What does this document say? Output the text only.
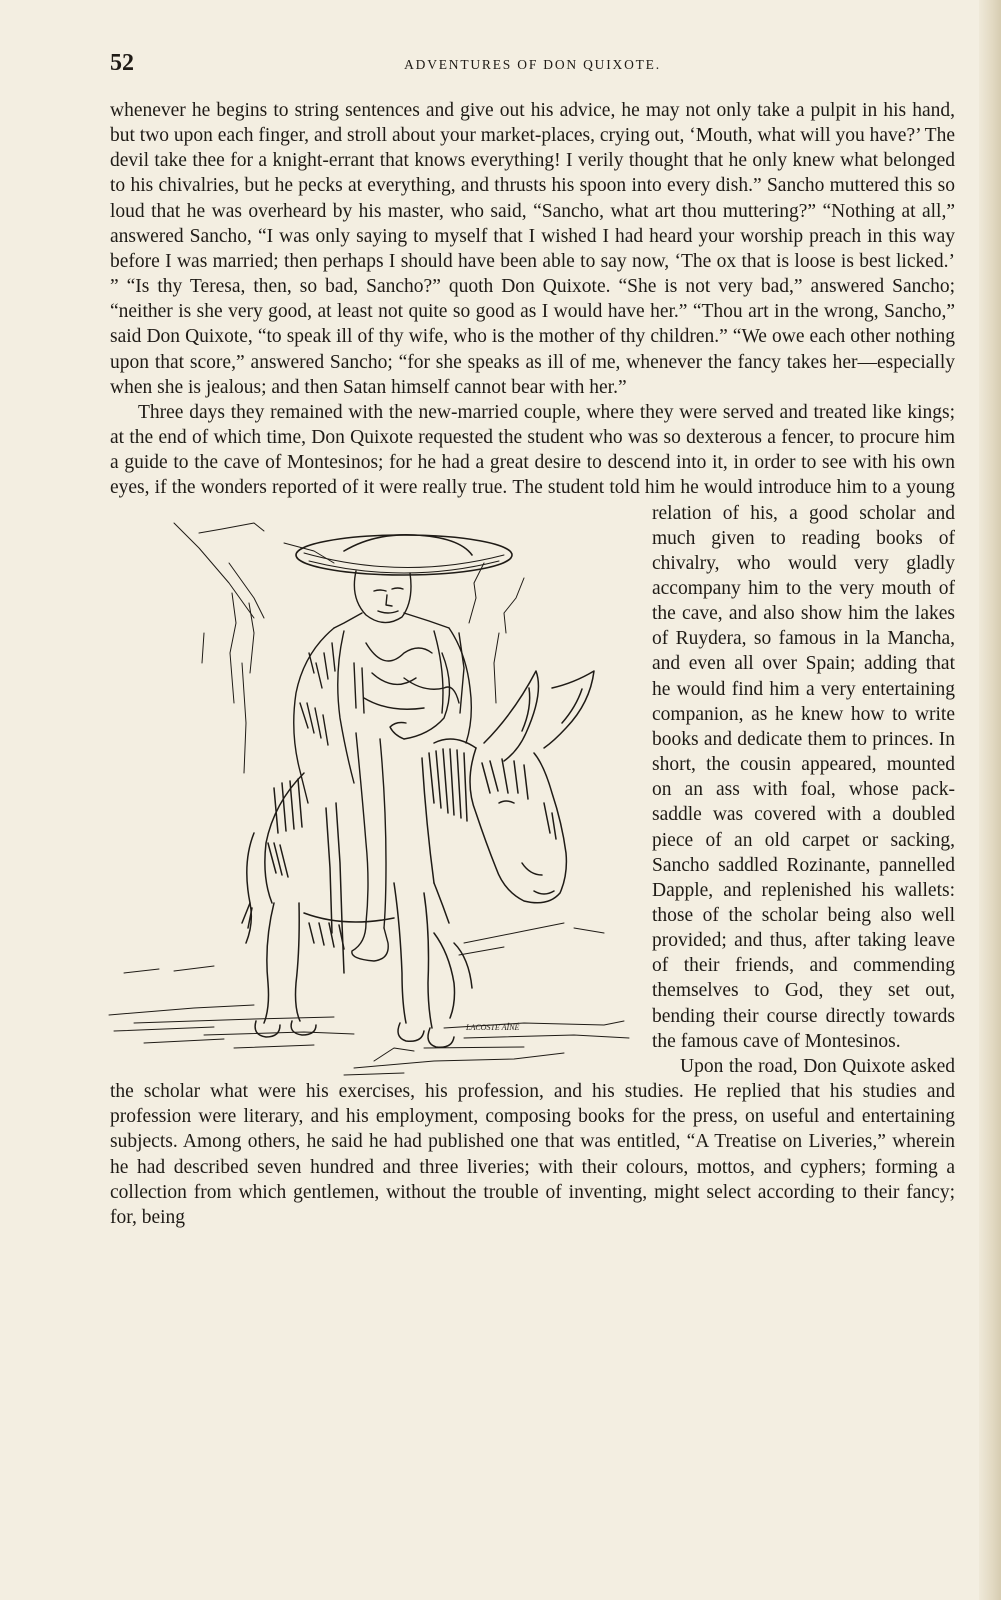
52	ADVENTURES OF DON QUIXOTE.

whenever he begins to string sentences and give out his advice, he may not only take a pulpit in his hand, but two upon each finger, and stroll about your market-places, crying out, ‘Mouth, what will you have?’ The devil take thee for a knight-errant that knows everything! I verily thought that he only knew what belonged to his chivalries, but he pecks at everything, and thrusts his spoon into every dish.” Sancho muttered this so loud that he was overheard by his master, who said, “Sancho, what art thou muttering?” “Nothing at all,” answered Sancho, “I was only saying to myself that I wished I had heard your worship preach in this way before I was married; then perhaps I should have been able to say now, ‘The ox that is loose is best licked.’ ” “Is thy Teresa, then, so bad, Sancho?” quoth Don Quixote. “She is not very bad,” answered Sancho; “neither is she very good, at least not quite so good as I would have her.” “Thou art in the wrong, Sancho,” said Don Quixote, “to speak ill of thy wife, who is the mother of thy children.” “We owe each other nothing upon that score,” answered Sancho; “for she speaks as ill of me, whenever the fancy takes her—especially when she is jealous; and then Satan himself cannot bear with her.”

Three days they remained with the new-married couple, where they were served and treated like kings; at the end of which time, Don Quixote requested the student who was so dexterous a fencer, to procure him a guide to the cave of Montesinos; for he had a great desire to descend into it, in order to see with his own eyes, if the wonders reported of it were really true.
LACOSTE AÎNÉ
The student told him he would introduce him to a young relation of his, a good scholar and much given to reading books of chivalry, who would very gladly accompany him to the very mouth of the cave, and also show him the lakes of Ruydera, so famous in la Mancha, and even all over Spain; adding that he would find him a very entertaining companion, as he knew how to write books and dedicate them to princes. In short, the cousin appeared, mounted on an ass with foal, whose pack-saddle was covered with a doubled piece of an old carpet or sacking, Sancho saddled Rozinante, pannelled Dapple, and replenished his wallets: those of the scholar being also well provided; and thus, after taking leave of their friends, and commending themselves to God, they set out, bending their course directly towards the famous cave of Montesinos.

Upon the road, Don Quixote asked the scholar what were his exercises, his profession, and his studies. He replied that his studies and profession were literary, and his employment, composing books for the press, on useful and entertaining subjects. Among others, he said he had published one that was entitled, “A Treatise on Liveries,” wherein he had described seven hundred and three liveries; with their colours, mottos, and cyphers; forming a collection from which gentlemen, without the trouble of inventing, might select according to their fancy; for, being
